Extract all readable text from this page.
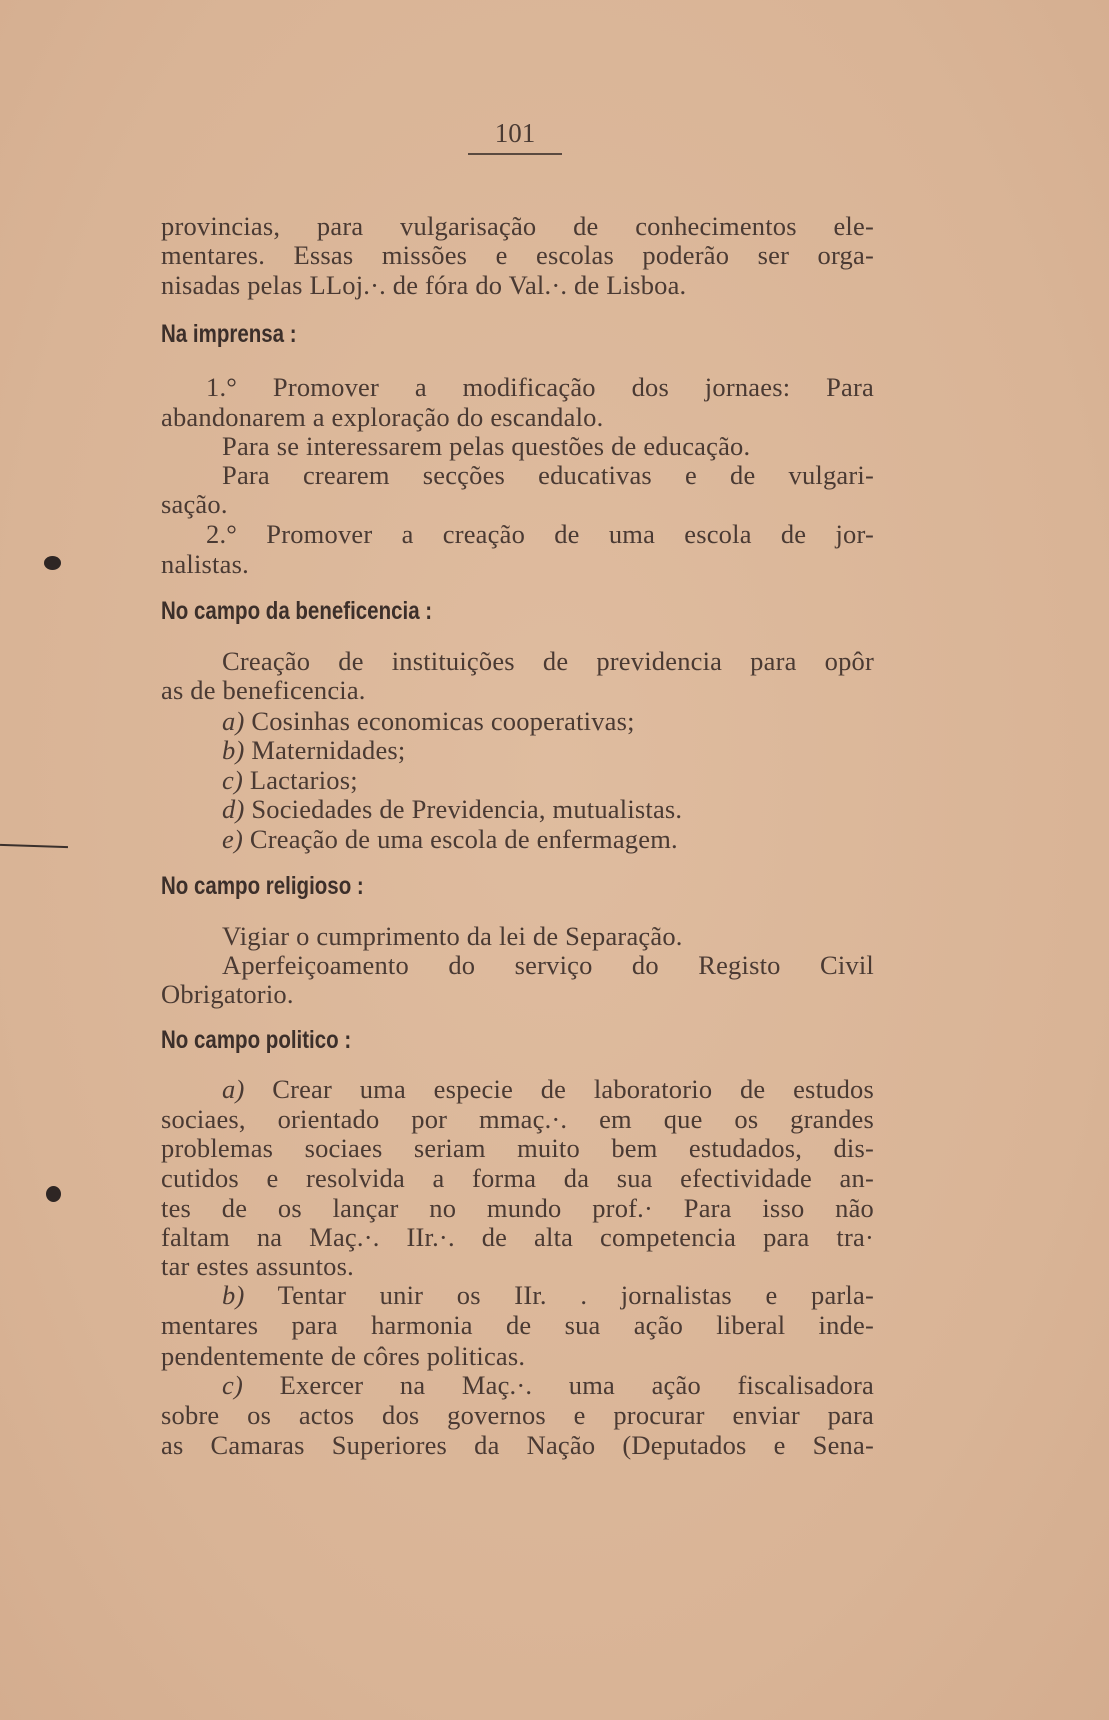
101
provincias, para vulgarisação de conhecimentos ele-
mentares. Essas missões e escolas poderão ser orga-
nisadas pelas LLoj.·. de fóra do Val.·. de Lisboa.
Na imprensa :
1.° Promover a modificação dos jornaes: Para
abandonarem a exploração do escandalo.
Para se interessarem pelas questões de educação.
Para crearem secções educativas e de vulgari-
sação.
2.° Promover a creação de uma escola de jor-
nalistas.
No campo da beneficencia :
Creação de instituições de previdencia para opôr
as de beneficencia.
a) Cosinhas economicas cooperativas;
b) Maternidades;
c) Lactarios;
d) Sociedades de Previdencia, mutualistas.
e) Creação de uma escola de enfermagem.
No campo religioso :
Vigiar o cumprimento da lei de Separação.
Aperfeiçoamento do serviço do Registo Civil
Obrigatorio.
No campo politico :
a) Crear uma especie de laboratorio de estudos
sociaes, orientado por mmaç.·. em que os grandes
problemas sociaes seriam muito bem estudados, dis-
cutidos e resolvida a forma da sua efectividade an-
tes de os lançar no mundo prof.· Para isso não
faltam na Maç.·. IIr.·. de alta competencia para tra·
tar estes assuntos.
b) Tentar unir os IIr. . jornalistas e parla-
mentares para harmonia de sua ação liberal inde-
pendentemente de côres politicas.
c) Exercer na Maç.·. uma ação fiscalisadora
sobre os actos dos governos e procurar enviar para
as Camaras Superiores da Nação (Deputados e Sena-
